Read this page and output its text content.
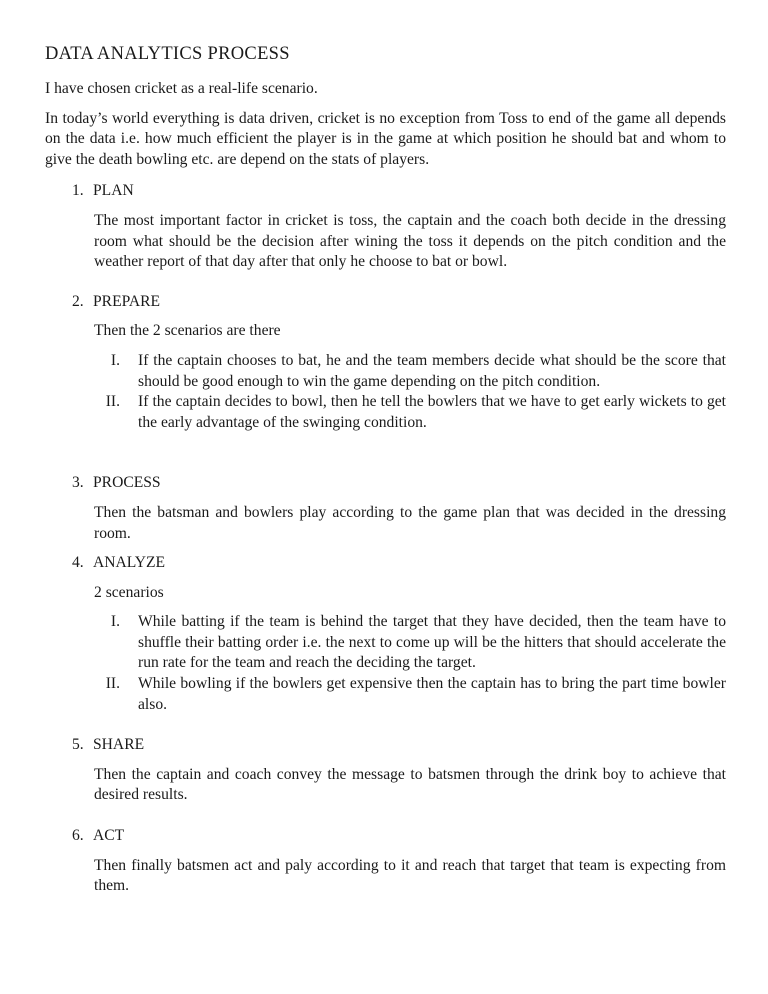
DATA ANALYTICS PROCESS

I have chosen cricket as a real-life scenario.

In today’s world everything is data driven, cricket is no exception from Toss to end of the game all depends on the data i.e. how much efficient the player is in the game at which position he should bat and whom to give the death bowling etc. are depend on the stats of players.

1. PLAN

The most important factor in cricket is toss, the captain and the coach both decide in the dressing room what should be the decision after wining the toss it depends on the pitch condition and the weather report of that day after that only he choose to bat or bowl.

2. PREPARE

Then the 2 scenarios are there

I. If the captain chooses to bat, he and the team members decide what should be the score that should be good enough to win the game depending on the pitch condition.

II. If the captain decides to bowl, then he tell the bowlers that we have to get early wickets to get the early advantage of the swinging condition.

3. PROCESS

Then the batsman and bowlers play according to the game plan that was decided in the dressing room.

4. ANALYZE

2 scenarios

I. While batting if the team is behind the target that they have decided, then the team have to shuffle their batting order i.e. the next to come up will be the hitters that should accelerate the run rate for the team and reach the deciding the target.

II. While bowling if the bowlers get expensive then the captain has to bring the part time bowler also.

5. SHARE

Then the captain and coach convey the message to batsmen through the drink boy to achieve that desired results.

6. ACT

Then finally batsmen act and paly according to it and reach that target that team is expecting from them.
